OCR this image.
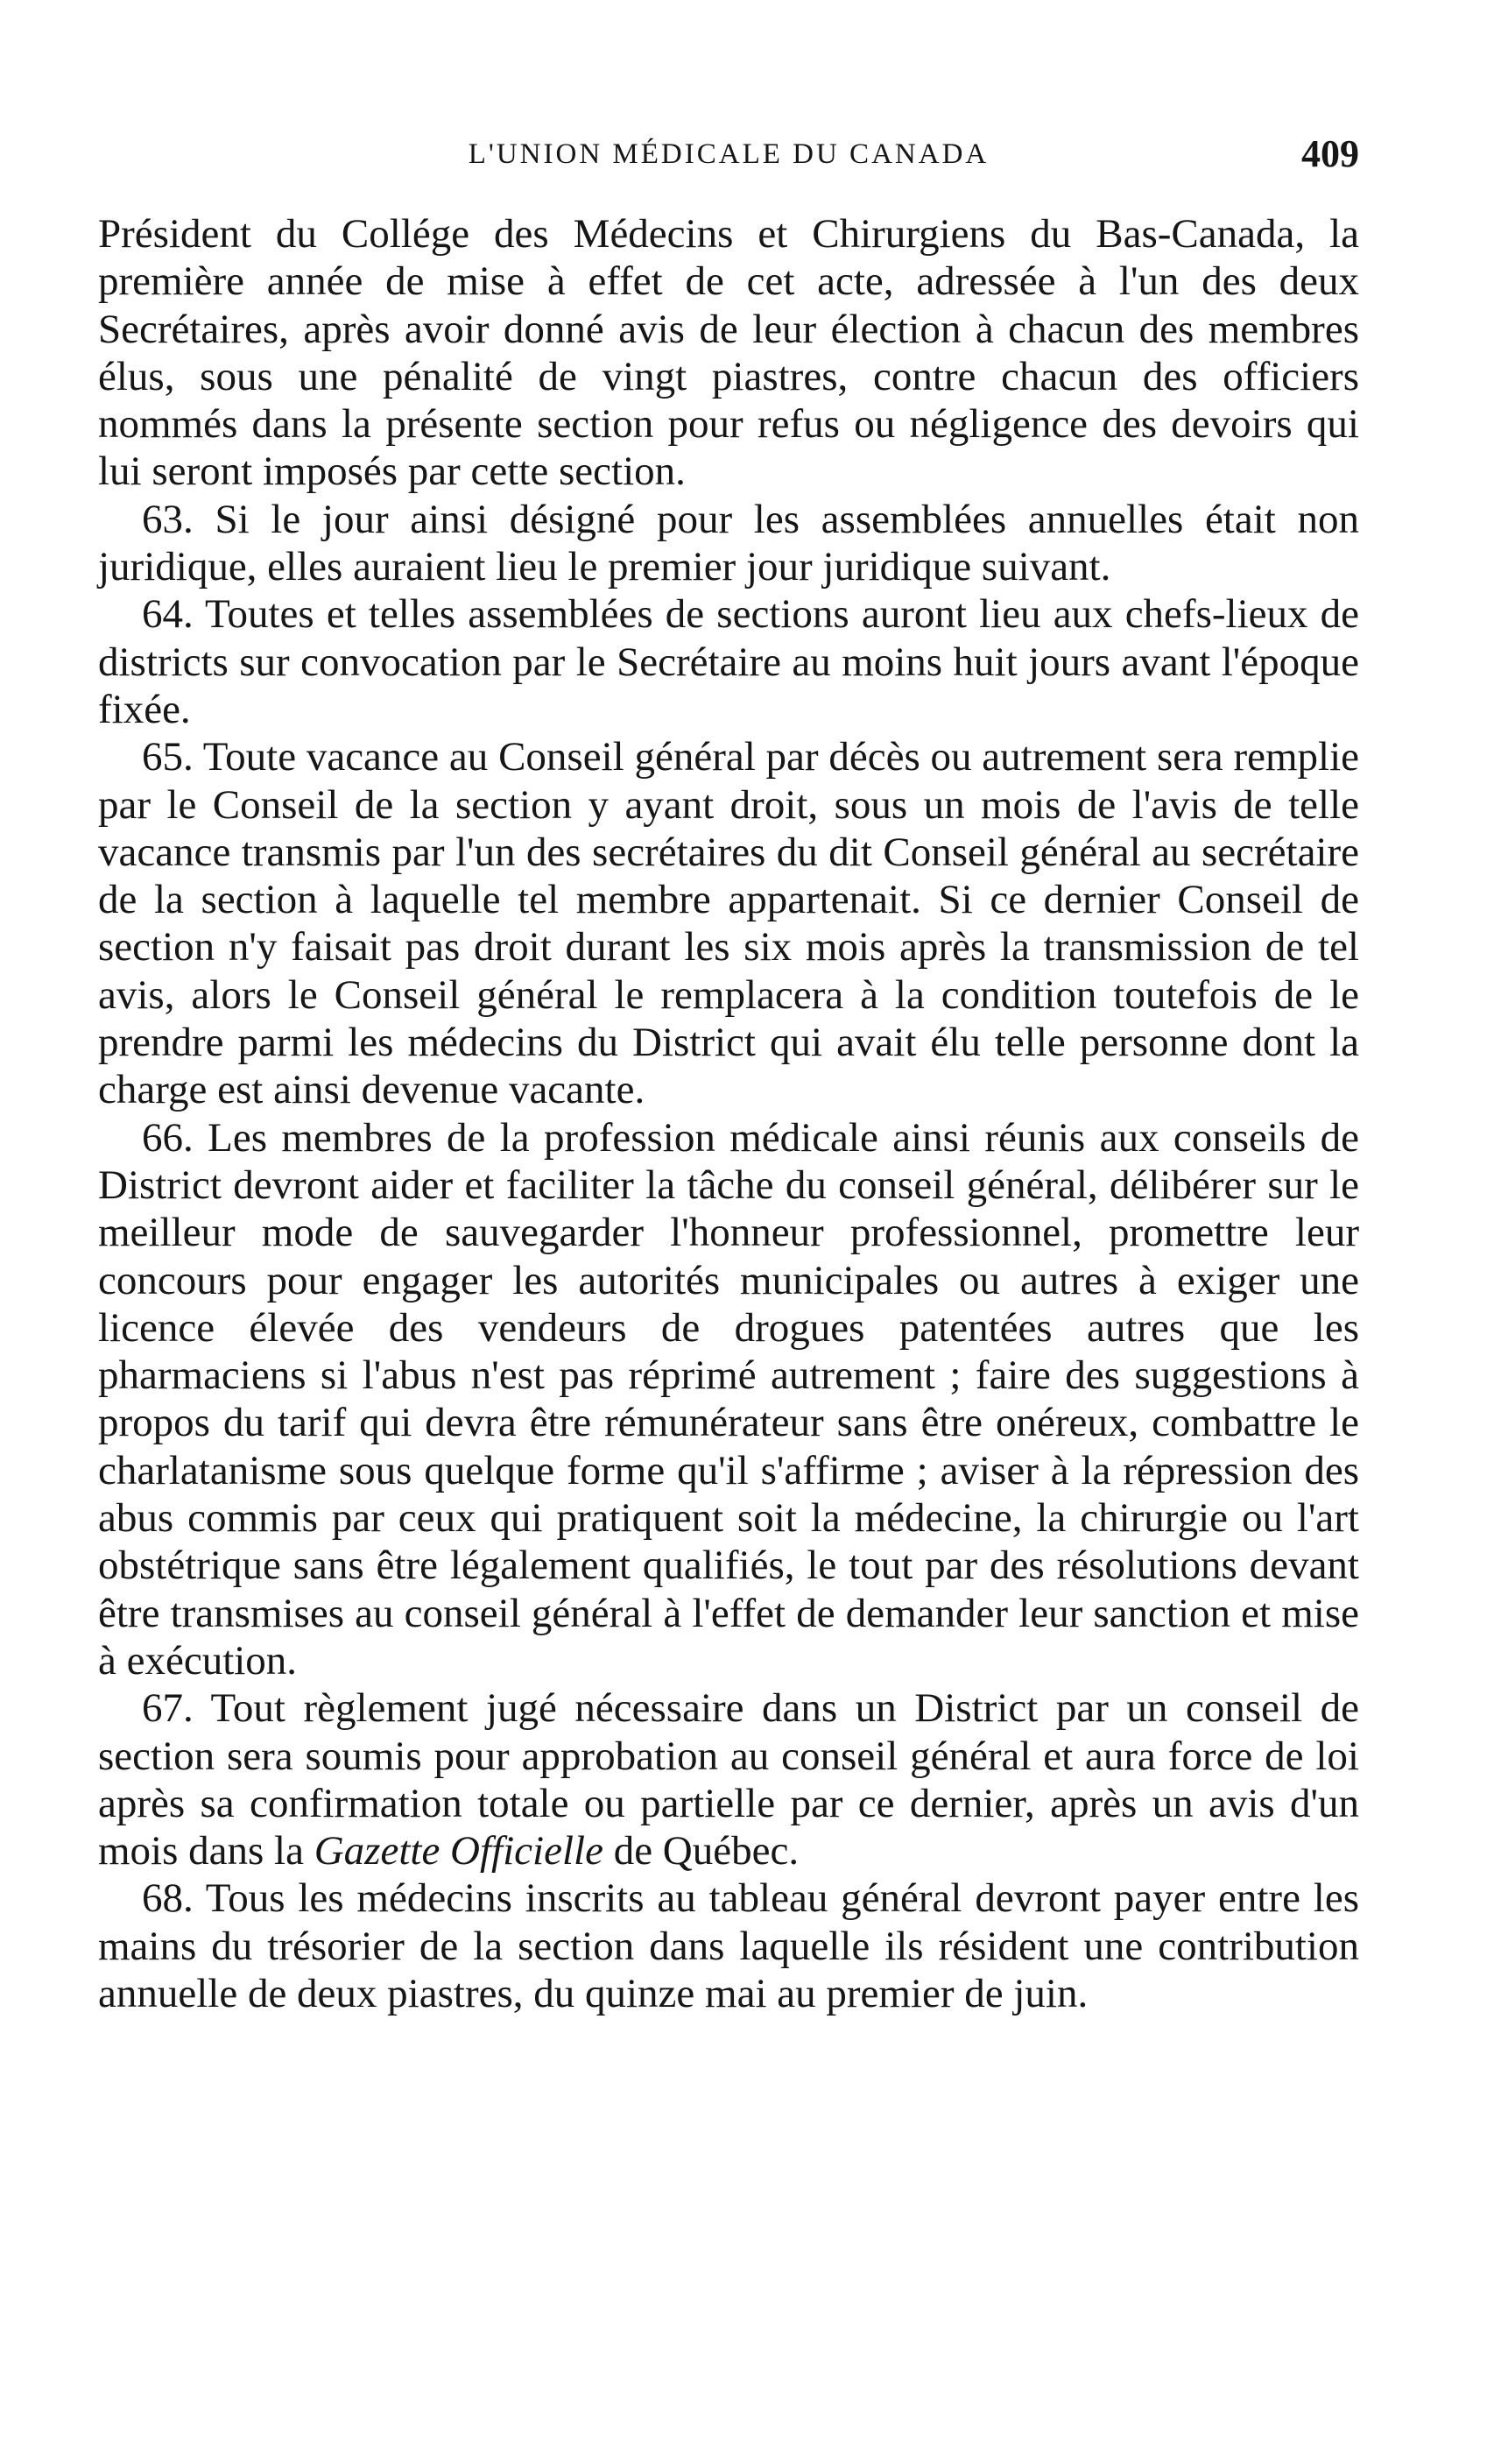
L'UNION MÉDICALE DU CANADA	409

Président du Collége des Médecins et Chirurgiens du Bas-Canada, la première année de mise à effet de cet acte, adressée à l'un des deux Secrétaires, après avoir donné avis de leur élection à chacun des membres élus, sous une pénalité de vingt piastres, contre chacun des officiers nommés dans la présente section pour refus ou négligence des devoirs qui lui seront imposés par cette section.

63. Si le jour ainsi désigné pour les assemblées annuelles était non juridique, elles auraient lieu le premier jour juridique suivant.

64. Toutes et telles assemblées de sections auront lieu aux chefs-lieux de districts sur convocation par le Secrétaire au moins huit jours avant l'époque fixée.

65. Toute vacance au Conseil général par décès ou autrement sera remplie par le Conseil de la section y ayant droit, sous un mois de l'avis de telle vacance transmis par l'un des secrétaires du dit Conseil général au secrétaire de la section à laquelle tel membre appartenait. Si ce dernier Conseil de section n'y faisait pas droit durant les six mois après la transmission de tel avis, alors le Conseil général le remplacera à la condition toutefois de le prendre parmi les médecins du District qui avait élu telle personne dont la charge est ainsi devenue vacante.

66. Les membres de la profession médicale ainsi réunis aux conseils de District devront aider et faciliter la tâche du conseil général, délibérer sur le meilleur mode de sauvegarder l'honneur professionnel, promettre leur concours pour engager les autorités municipales ou autres à exiger une licence élevée des vendeurs de drogues patentées autres que les pharmaciens si l'abus n'est pas réprimé autrement ; faire des suggestions à propos du tarif qui devra être rémunérateur sans être onéreux, combattre le charlatanisme sous quelque forme qu'il s'affirme ; aviser à la répression des abus commis par ceux qui pratiquent soit la médecine, la chirurgie ou l'art obstétrique sans être légalement qualifiés, le tout par des résolutions devant être transmises au conseil général à l'effet de demander leur sanction et mise à exécution.

67. Tout règlement jugé nécessaire dans un District par un conseil de section sera soumis pour approbation au conseil général et aura force de loi après sa confirmation totale ou partielle par ce dernier, après un avis d'un mois dans la Gazette Officielle de Québec.

68. Tous les médecins inscrits au tableau général devront payer entre les mains du trésorier de la section dans laquelle ils résident une contribution annuelle de deux piastres, du quinze mai au premier de juin.
